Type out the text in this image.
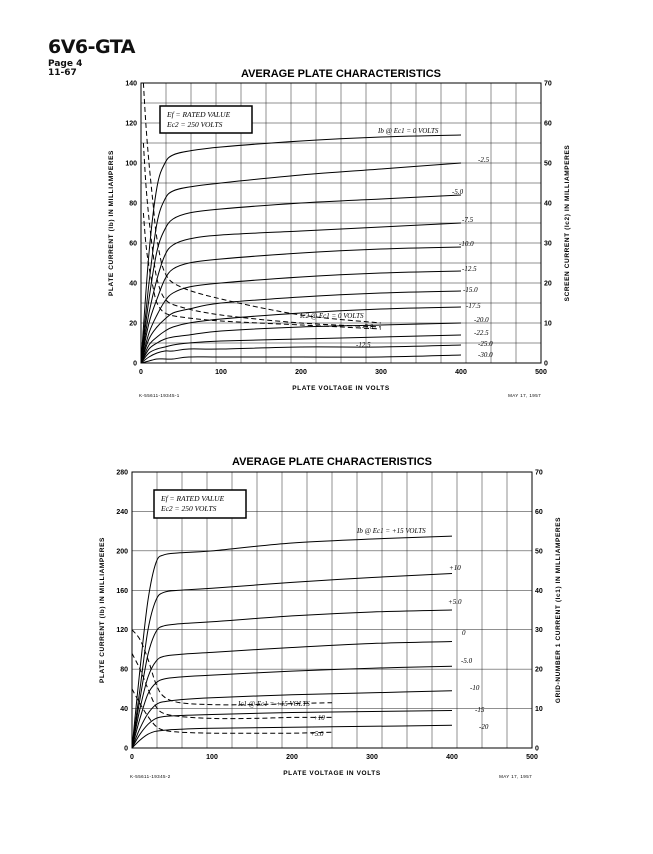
6V6-GTA
Page 4
11-67	AVERAGE PLATE CHARACTERISTICS
0	100	200	300	400	500
0
20
40
60
80
100
120
140
0
10
20
30
40
50
60
70
PLATE VOLTAGE IN VOLTS
PLATE CURRENT (Ib) IN MILLIAMPERES	SCREEN CURRENT (Ic2) IN MILLIAMPERES
Ef = RATED VALUE
Ec2 = 250 VOLTS
Ib @ Ec1 = 0 VOLTS
-2.5
-5.0
-7.5
-10.0
-12.5
-15.0
-17.5
-20.0
-22.5
-25.0
-30.0
Ic2 @ Ec1 = 0 VOLTS
-5.0
-12.5
K-55611-19345-1	MAY 17, 1957
AVERAGE PLATE CHARACTERISTICS
0	100	200	300	400	500
0
40
80
120
160
200
240
280
0
10
20
30
40
50
60
70
PLATE VOLTAGE IN VOLTS
PLATE CURRENT (Ib) IN MILLIAMPERES	GRID-NUMBER 1 CURRENT (Ic1) IN MILLIAMPERES
Ef = RATED VALUE
Ec2 = 250 VOLTS
Ib @ Ec1 = +15 VOLTS
+10
+5.0
0
-5.0
-10
-15
-20
Ic1 @ Ec1 = +15 VOLTS
+10
+5.0
K-55611-19345-2	MAY 17, 1957
